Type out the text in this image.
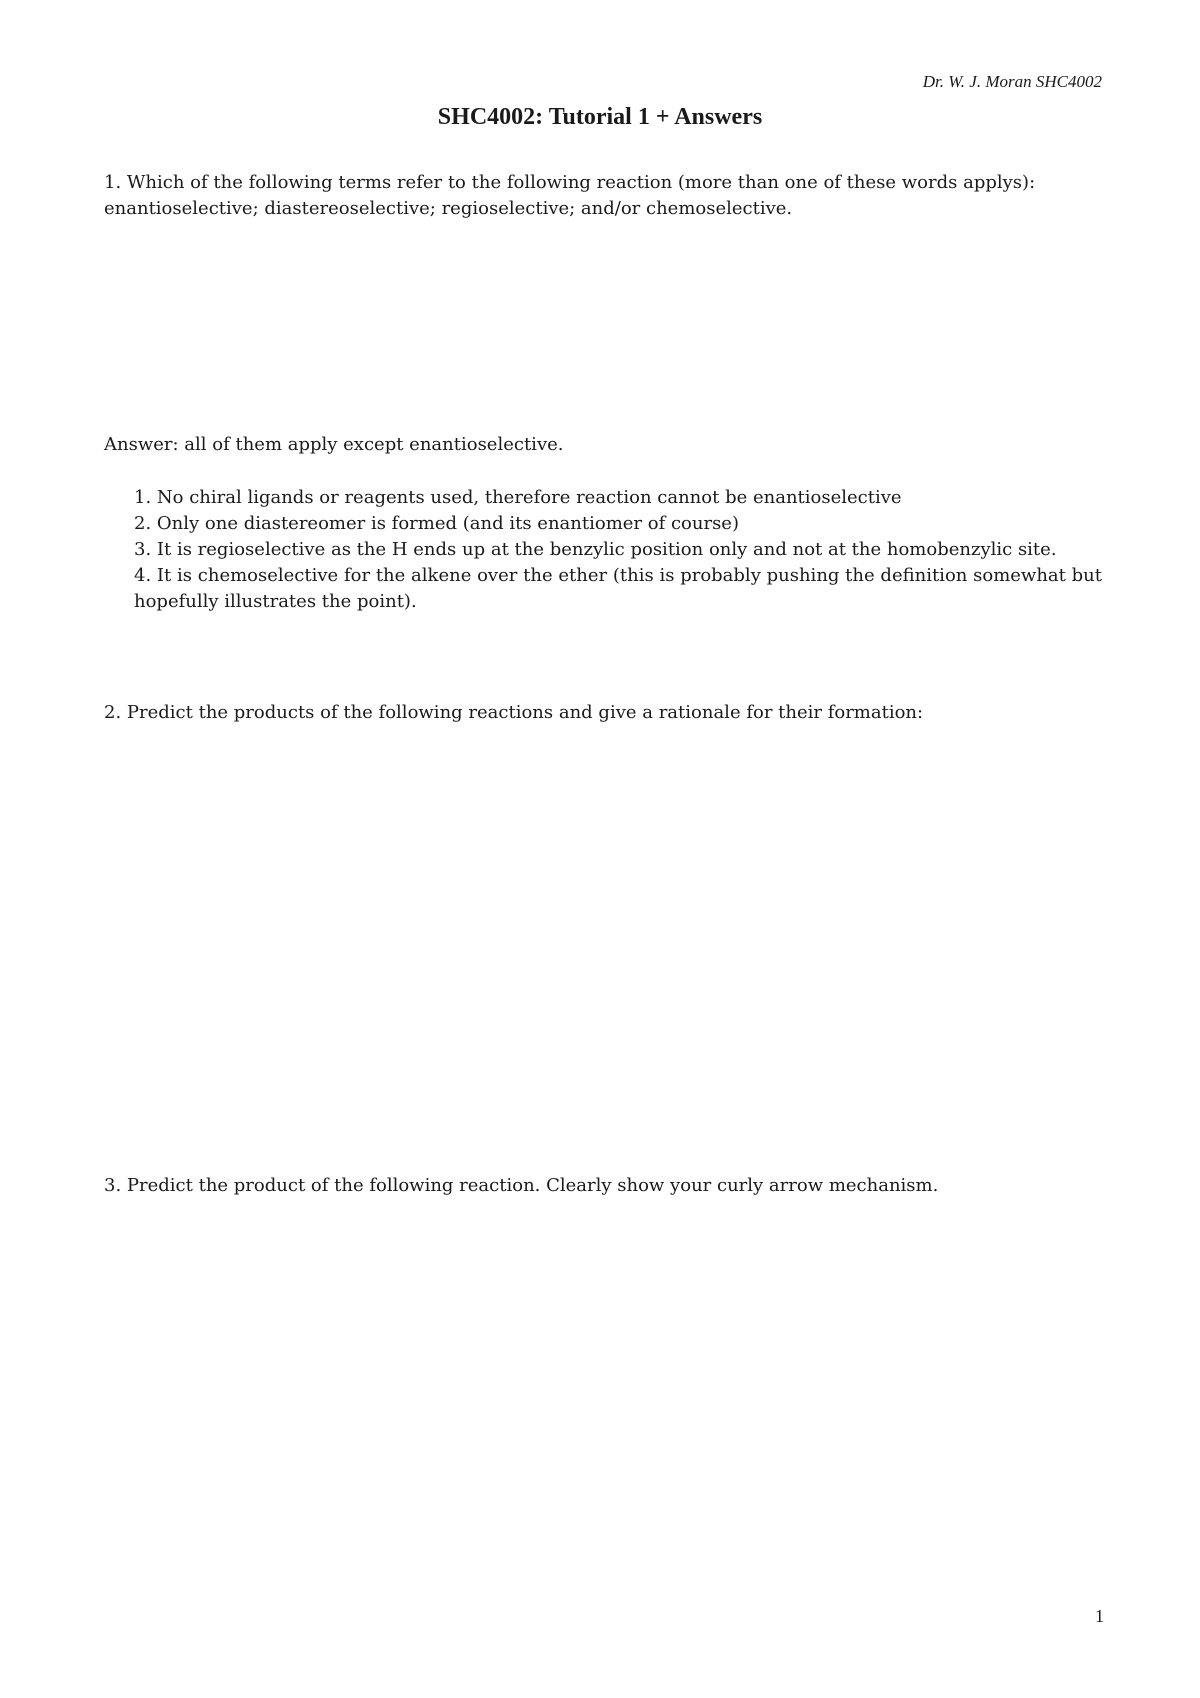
Dr. W. J. Moran SHC4002
SHC4002: Tutorial 1 + Answers
1. Which of the following terms refer to the following reaction (more than one of these words applys): enantioselective; diastereoselective; regioselective; and/or chemoselective.
Answer: all of them apply except enantioselective.
1. No chiral ligands or reagents used, therefore reaction cannot be enantioselective
2. Only one diastereomer is formed (and its enantiomer of course)
3. It is regioselective as the H ends up at the benzylic position only and not at the homobenzylic site.
4. It is chemoselective for the alkene over the ether (this is probably pushing the definition somewhat but hopefully illustrates the point).
2. Predict the products of the following reactions and give a rationale for their formation:
3. Predict the product of the following reaction. Clearly show your curly arrow mechanism.
1
